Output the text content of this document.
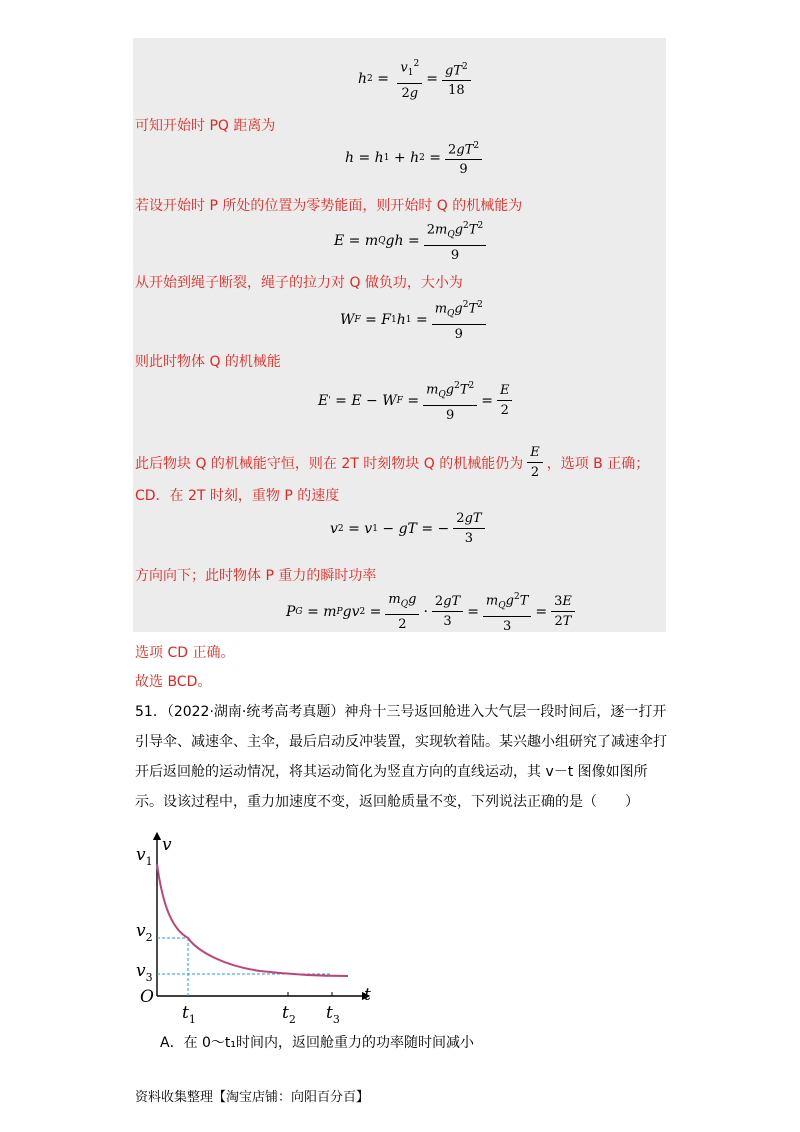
h $2 = \frac{v_1^2}{2g} = \frac{gT^2}{18}$
可知开始时 PQ 距离为
h = h 1 + h $2 = \frac{2gT^2}{9}$
若设开始时 P 所处的位置为零势能面，则开始时 Q 的机械能为
E = m Q gh = $\frac{2m_Qg^2T^2}{9}$
从开始到绳子断裂，绳子的拉力对 Q 做负功，大小为
W F = F 1 h $1 = \frac{m_Qg^2T^2}{9}$
则此时物体 Q 的机械能
E ' = E − W $F = \frac{m_Qg^2T^2}{9} = \frac{E}{2}$
此后物块 Q 的机械能守恒，则在 2T 时刻物块 Q 的机械能仍为 $\frac{E}{2}$ ，选项 B 正确；
CD．在 2T 时刻，重物 P 的速度
v 2 = v 1 − gT = − $\frac{2gT}{3}$
方向向下；此时物体 P 重力的瞬时功率
P G = m P gv $2 = \frac{m_Qg}{2} \cdot \frac{2gT}{3} = \frac{m_Qg^2T}{3} = \frac{3E}{2T}$
选项 CD 正确。
故选 BCD。
51．（2022·湖南·统考高考真题）神舟十三号返回舱进入大气层一段时间后，逐一打开引导伞、减速伞、主伞，最后启动反冲装置，实现软着陆。某兴趣小组研究了减速伞打开后返回舱的运动情况，将其运动简化为竖直方向的直线运动，其 v－t 图像如图所示。设该过程中，重力加速度不变，返回舱质量不变，下列说法正确的是（　　）
v
t
O
$v_1$
$v_2$
$v_3$
$t_1$	$t_2$ $t_3$
A．在 0～t₁时间内，返回舱重力的功率随时间减小
资料收集整理【淘宝店铺：向阳百分百】
